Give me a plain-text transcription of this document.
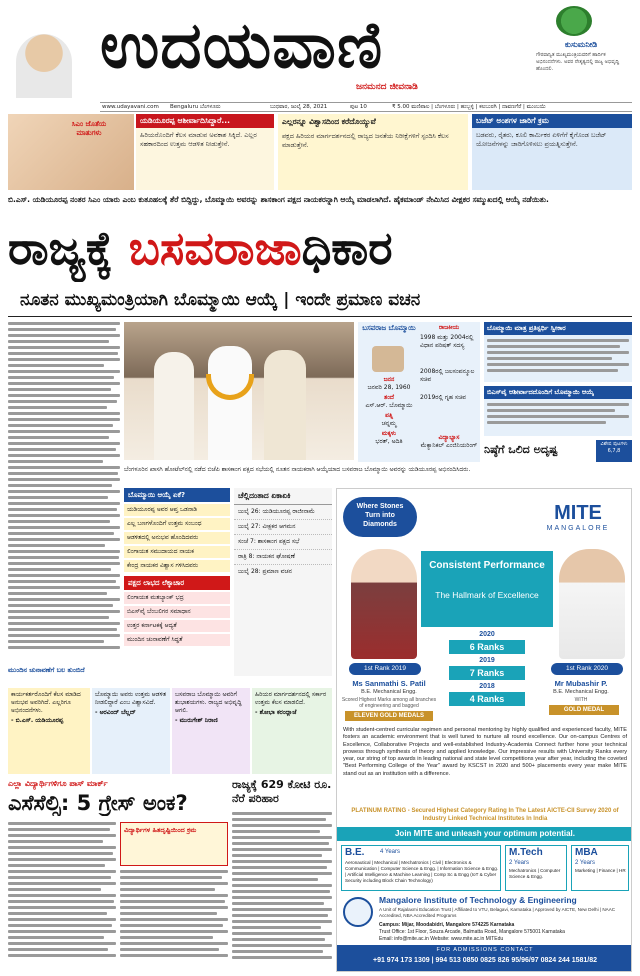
ಉದಯವಾಣಿ
ಜನಮನದ ಜೀವನಾಡಿ
ಕುಸುಮನೀಡಿ
ಗೌರವಾನ್ವಿತ ಮುಖ್ಯಮಂತ್ರಿಯವರಿಗೆ ಹಾರ್ದಿಕ ಅಭಿನಂದನೆಗಳು. ಅವರ ನೇತೃತ್ವದಲ್ಲಿ ರಾಜ್ಯ ಅಭಿವೃದ್ಧಿ ಹೊಂದಲಿ.
www.udayavani.com Bengaluru ಬೆಂಗಳೂರು	ಬುಧವಾರ, ಜುಲೈ 28, 2021	ಪುಟ 10	₹ 5.00 ಮಣಿಪಾಲ | ಬೆಂಗಳೂರು | ಹುಬ್ಬಳ್ಳಿ | ಕಲಬುರಗಿ | ದಾವಣಗೆರೆ | ಮುಂಬಯಿ
ಸಿಎಂ ಜೊತೆಯ ಮಾತುಗಳು
ಯಡಿಯೂರಪ್ಪ ಆಶೀರ್ವಾದಿಸಿದ್ದಾರೆ...
ಹಿರಿಯರೊಂದಿಗೆ ಕೆಲಸ ಮಾಡುವ ಅವಕಾಶ ಸಿಕ್ಕಿದೆ. ಎಲ್ಲರ ಸಹಕಾರದಿಂದ ಉತ್ತಮ ಆಡಳಿತ ನೀಡುತ್ತೇನೆ.
ಎಲ್ಲರನ್ನೂ ವಿಶ್ವಾಸದಿಂದ ಕರೆದೊಯ್ಯುವೆ
ಪಕ್ಷದ ಹಿರಿಯರ ಮಾರ್ಗದರ್ಶನದಲ್ಲಿ ರಾಜ್ಯದ ಜನತೆಯ ನಿರೀಕ್ಷೆಗಳಿಗೆ ಸ್ಪಂದಿಸಿ ಕೆಲಸ ಮಾಡುತ್ತೇನೆ.
ಬಜೆಟ್ ಅಂಶಗಳ ಜಾರಿಗೆ ಕ್ರಮ
ಬಡವರು, ರೈತರು, ಕೂಲಿ ಕಾರ್ಮಿಕರ ಏಳಿಗೆಗೆ ಕೈಗೊಂಡ ಬಜೆಟ್ ಯೋಜನೆಗಳನ್ನು ಜಾರಿಗೊಳಿಸಲು ಪ್ರಯತ್ನಿಸುತ್ತೇನೆ.
ಬಿ.ಎಸ್. ಯಡಿಯೂರಪ್ಪ ನಂತರ ಸಿಎಂ ಯಾರು ಎಂಬ ಕುತೂಹಲಕ್ಕೆ ತೆರೆ ಬಿದ್ದಿದ್ದು, ಬೊಮ್ಮಾಯಿ ಅವರನ್ನು ಶಾಸಕಾಂಗ ಪಕ್ಷದ ನಾಯಕರನ್ನಾಗಿ ಆಯ್ಕೆ ಮಾಡಲಾಗಿದೆ. ಹೈಕಮಾಂಡ್ ನೇಮಿಸಿದ ವೀಕ್ಷಕರ ಸಮ್ಮುಖದಲ್ಲಿ ಆಯ್ಕೆ ನಡೆಯಿತು.
ರಾಜ್ಯಕ್ಕೆ ಬಸವರಾಜಾಧಿಕಾರ
ನೂತನ ಮುಖ್ಯಮಂತ್ರಿಯಾಗಿ ಬೊಮ್ಮಾಯಿ ಆಯ್ಕೆ | ಇಂದೇ ಪ್ರಮಾಣ ವಚನ
ಬಸವರಾಜ ಬೊಮ್ಮಾಯಿ
ಜನನ
ಜನವರಿ 28, 1960
ತಂದೆ
ಎಸ್.ಆರ್. ಬೊಮ್ಮಾಯಿ
ಪತ್ನಿ
ಚನ್ನಮ್ಮ
ಮಕ್ಕಳು
ಭರತ್, ಅದಿತಿ
ವಿದ್ಯಾಭ್ಯಾಸ
ಮೆಕ್ಯಾನಿಕಲ್ ಎಂಜಿನಿಯರಿಂಗ್
ರಾಜಕೀಯ
1998 ಮತ್ತು 2004ರಲ್ಲಿ ವಿಧಾನ ಪರಿಷತ್ ಸದಸ್ಯ
2008ರಲ್ಲಿ ಜಲಸಂಪನ್ಮೂಲ ಸಚಿವ
2019ರಲ್ಲಿ ಗೃಹ ಸಚಿವ
ಬೊಮ್ಮಾಯಿ ಮಾತ್ರ ಪ್ರತಿಸ್ಪರ್ಧಿ ಸ್ವೀಕಾರ
ಬಿಎಸ್‌ವೈ ಆಶೀರ್ವಾದದೊಂದಿಗೆ ಬೊಮ್ಮಾಯಿ ಆಯ್ಕೆ
ನಿಷ್ಠೆಗೆ ಒಲಿದ ಅದೃಷ್ಟ	ವಿಶೇಷ ಪುಟಗಳು 6,7,8
ಬೆಂಗಳೂರಿನ ಖಾಸಗಿ ಹೋಟೆಲ್‌ನಲ್ಲಿ ನಡೆದ ಬಿಜೆಪಿ ಶಾಸಕಾಂಗ ಪಕ್ಷದ ಸಭೆಯಲ್ಲಿ ನೂತನ ನಾಯಕರಾಗಿ ಆಯ್ಕೆಯಾದ ಬಸವರಾಜ ಬೊಮ್ಮಾಯಿ ಅವರನ್ನು ಯಡಿಯೂರಪ್ಪ ಅಭಿನಂದಿಸಿದರು.
ಬೊಮ್ಮಾಯಿ ಆಯ್ಕೆ ಏಕೆ?
ಯಡಿಯೂರಪ್ಪ ಅವರ ಆಪ್ತ ಒಡನಾಡಿ
ಎಲ್ಲ ಬಣಗಳೊಂದಿಗೆ ಉತ್ತಮ ಸಂಬಂಧ
ಆಡಳಿತದಲ್ಲಿ ಅನುಭವ ಹೊಂದಿದವರು
ಲಿಂಗಾಯತ ಸಮುದಾಯದ ನಾಯಕ
ಕೇಂದ್ರ ನಾಯಕರ ವಿಶ್ವಾಸ ಗಳಿಸಿದವರು
ಪಕ್ಷದ ಲಾಭದ ಲೆಕ್ಕಾಚಾರ
ಲಿಂಗಾಯತ ಮತಬ್ಯಾಂಕ್ ಭದ್ರ
ಬಿಎಸ್‌ವೈ ಬೆಂಬಲಿಗರ ಸಮಾಧಾನ
ಉತ್ತರ ಕರ್ನಾಟಕಕ್ಕೆ ಆದ್ಯತೆ
ಮುಂದಿನ ಚುನಾವಣೆಗೆ ಸಿದ್ಧತೆ
ಮುಂದಿನ ಚುನಾವಣೆಗೆ ಬಲ ತುಂಬಿದೆ
ಚೆಲ್ಲಿದಂತಾದ ಏಕಾಏಕಿ
ಜುಲೈ 26: ಯಡಿಯೂರಪ್ಪ ರಾಜೀನಾಮೆ
ಜುಲೈ 27: ವೀಕ್ಷಕರ ಆಗಮನ
ಸಂಜೆ 7: ಶಾಸಕಾಂಗ ಪಕ್ಷದ ಸಭೆ
ರಾತ್ರಿ 8: ನಾಯಕನ ಘೋಷಣೆ
ಜುಲೈ 28: ಪ್ರಮಾಣ ವಚನ
ಕಾರ್ಯಕರ್ತರೊಂದಿಗೆ ಕೆಲಸ ಮಾಡಿದ ಅನುಭವ ಅವರಿಗಿದೆ. ಎಲ್ಲರಿಗೂ ಅಭಿನಂದನೆಗಳು.
- ಬಿ.ಎಸ್. ಯಡಿಯೂರಪ್ಪ
ಬೊಮ್ಮಾಯಿ ಅವರು ಉತ್ತಮ ಆಡಳಿತ ನೀಡಲಿದ್ದಾರೆ ಎಂಬ ವಿಶ್ವಾಸವಿದೆ.
- ಅರವಿಂದ್ ಬೆಲ್ಲದ್
ಬಸವರಾಜ ಬೊಮ್ಮಾಯಿ ಅವರಿಗೆ ಶುಭಾಶಯಗಳು. ರಾಜ್ಯದ ಅಭಿವೃದ್ಧಿ ಆಗಲಿ.
- ಮುರುಗೇಶ್ ನಿರಾಣಿ
ಹಿರಿಯರ ಮಾರ್ಗದರ್ಶನದಲ್ಲಿ ಸರ್ಕಾರ ಉತ್ತಮ ಕೆಲಸ ಮಾಡಲಿದೆ.
- ಶೋಭಾ ಕರಂದ್ಲಾಜೆ
ಎಲ್ಲಾ ವಿದ್ಯಾರ್ಥಿಗಳಿಗೂ ಪಾಸ್ ಮಾರ್ಕ್
ಎಸೆಸೆಲ್ಸಿ: 5 ಗ್ರೇಸ್ ಅಂಕ?
ವಿದ್ಯಾರ್ಥಿಗಳ ಹಿತದೃಷ್ಟಿಯಿಂದ ಕ್ರಮ
ರಾಜ್ಯಕ್ಕೆ 629 ಕೋಟಿ ರೂ. ನೆರೆ ಪರಿಹಾರ
Where Stones Turn into Diamonds
MITE
MANGALORE
Consistent Performance
The Hallmark of Excellence
2020
6 Ranks
2019
7 Ranks
2018
4 Ranks
1st Rank 2019
Ms Sanmathi S. Patil
B.E. Mechanical Engg.
Scored Highest Marks among all branches of engineering and bagged
ELEVEN GOLD MEDALS
1st Rank 2020
Mr Mubashir P.
B.E. Mechanical Engg.
WITH
GOLD MEDAL
With student-centred curricular regimen and personal mentoring by highly qualified and experienced faculty, MITE fosters an academic environment that is well tuned to nurture all round excellence. Our on-campus Centres of Excellence, Collaborative Projects and well-established Industry-Academia Connect further hone your technical prowess through synthesis of theory and applied knowledge. Our impressive results with University Ranks every year, our string of top awards in leading national and state level competitions year after year, including the coveted "Best Performing College of the Year" award by KSCST in 2020 and 500+ placements every year make MITE stand out as an institution with a difference.
PLATINUM RATING - Secured Highest Category Rating In The Latest AICTE-CII Survey 2020 of Industry Linked Technical Institutes In India
Join MITE and unleash your optimum potential.
B.E.	4 Years
Aeronautical | Mechanical | Mechatronics | Civil | Electronics & Communication | Computer Science & Engg. | Information Science & Engg. | Artificial Intelligence & Machine Learning | Comp Sc & Engg (IoT & Cyber Security including Block Chain Technology)
M.Tech
2 Years
Mechatronics | Computer Science & Engg.
MBA
2 Years
Marketing | Finance | HR
Mangalore Institute of Technology & Engineering
A Unit of Rajalaxmi Education Trust | Affiliated to VTU, Belagavi, Karnataka | Approved by AICTE, New Delhi | NAAC Accredited, NBA Accredited Programs
Campus: Mijar, Moodabidri, Mangalore 574225 Karnataka
Trust Office: 1st Floor, Souza Arcade, Balmatta Road, Mangalore 575001 Karnataka
Email: info@mite.ac.in Website: www.mite.ac.in MITEdu
FOR ADMISSIONS CONTACT
+91 974 173 1309 | 994 513 0850 0825 826 95/96/97 0824 244 1581/82
